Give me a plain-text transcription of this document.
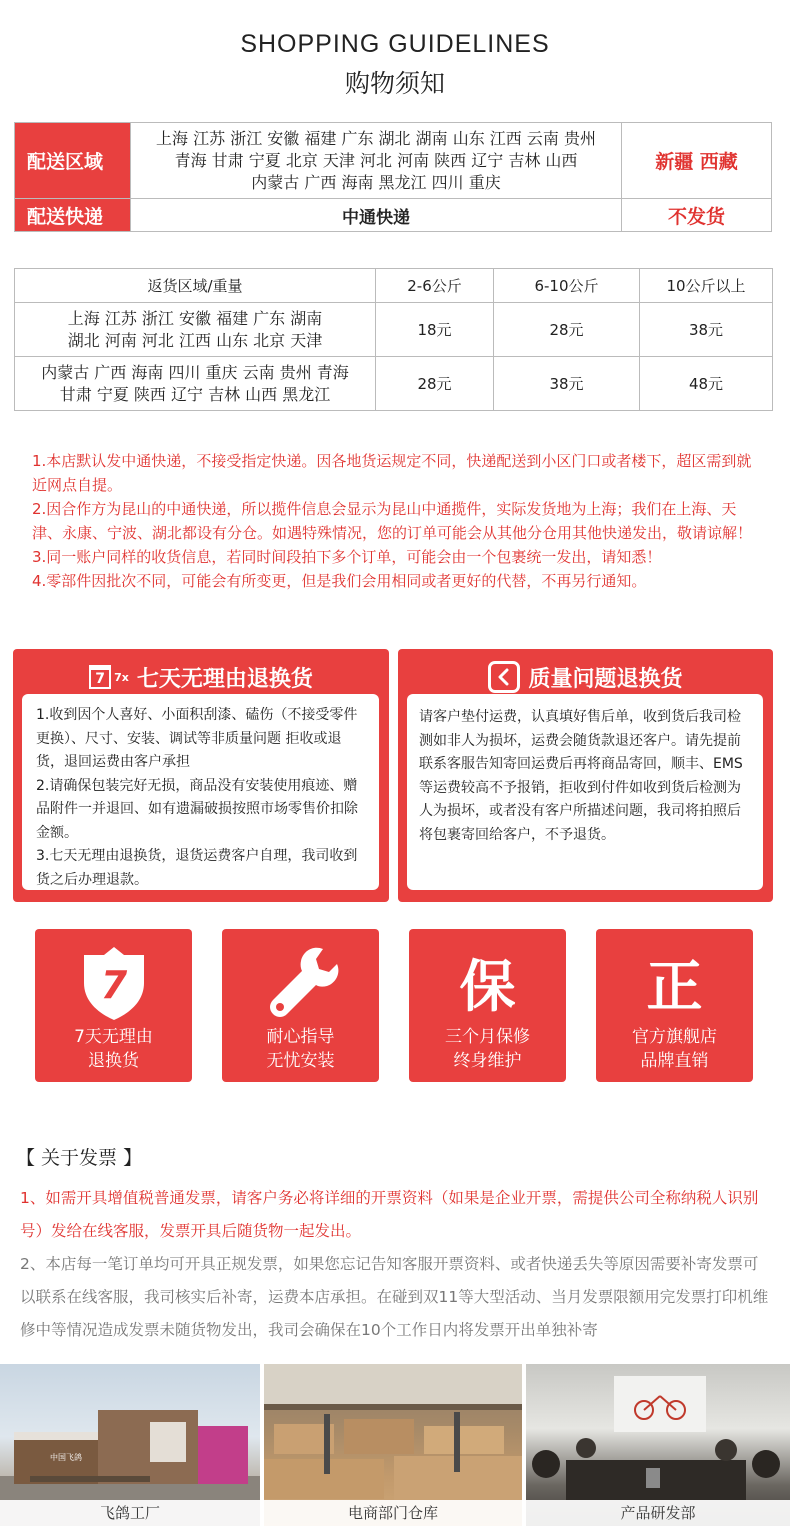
SHOPPING GUIDELINES
购物须知
配送区域	上海 江苏 浙江 安徽 福建 广东 湖北 湖南 山东 江西 云南 贵州
青海 甘肃 宁夏 北京 天津 河北 河南 陕西 辽宁 吉林 山西
内蒙古 广西 海南 黑龙江 四川 重庆	新疆 西藏
配送快递	中通快递	不发货
返货区域/重量	2-6公斤	6-10公斤	10公斤以上

上海 江苏 浙江 安徽 福建 广东 湖南
湖北 河南 河北 江西 山东 北京 天津	18元	28元	38元

内蒙古 广西 海南 四川 重庆 云南 贵州 青海
甘肃 宁夏 陕西 辽宁 吉林 山西 黑龙江	28元	38元	48元

1.本店默认发中通快递，不接受指定快递。因各地货运规定不同，快递配送到小区门口或者楼下，超区需到就近网点自提。

2.因合作方为昆山的中通快递，所以揽件信息会显示为昆山中通揽件，实际发货地为上海；我们在上海、天津、永康、宁波、湖北都设有分仓。如遇特殊情况，您的订单可能会从其他分仓用其他快递发出，敬请谅解！

3.同一账户同样的收货信息，若同时间段拍下多个订单，可能会由一个包裹统一发出，请知悉！

4.零部件因批次不同，可能会有所变更，但是我们会用相同或者更好的代替，不再另行通知。

7 7x 七天无理由退换货

1.收到因个人喜好、小面积刮漆、磕伤（不接受零件更换）、尺寸、安装、调试等非质量问题 拒收或退货，退回运费由客户承担

2.请确保包装完好无损，商品没有安装使用痕迹、赠品附件一并退回、如有遗漏破损按照市场零售价扣除金额。

3.七天无理由退换货，退货运费客户自理，我司收到货之后办理退款。

质量问题退换货

请客户垫付运费，认真填好售后单，收到货后我司检测如非人为损坏，运费会随货款退还客户。请先提前联系客服告知寄回运费后再将商品寄回，顺丰、EMS等运费较高不予报销，拒收到付件如收到货后检测为人为损坏，或者没有客户所描述问题，我司将拍照后将包裹寄回给客户，不予退货。

7
7天无理由
退换货
耐心指导
无忧安装
保
三个月保修
终身维护
正
官方旗舰店
品牌直销
【 关于发票 】
1、如需开具增值税普通发票，请客户务必将详细的开票资料（如果是企业开票，需提供公司全称纳税人识别号）发给在线客服，发票开具后随货物一起发出。
2、本店每一笔订单均可开具正规发票，如果您忘记告知客服开票资料、或者快递丢失等原因需要补寄发票可以联系在线客服，我司核实后补寄，运费本店承担。在碰到双11等大型活动、当月发票限额用完发票打印机维修中等情况造成发票未随货物发出，我司会确保在10个工作日内将发票开出单独补寄
中国飞鸽
飞鸽工厂	电商部门仓库	产品研发部
